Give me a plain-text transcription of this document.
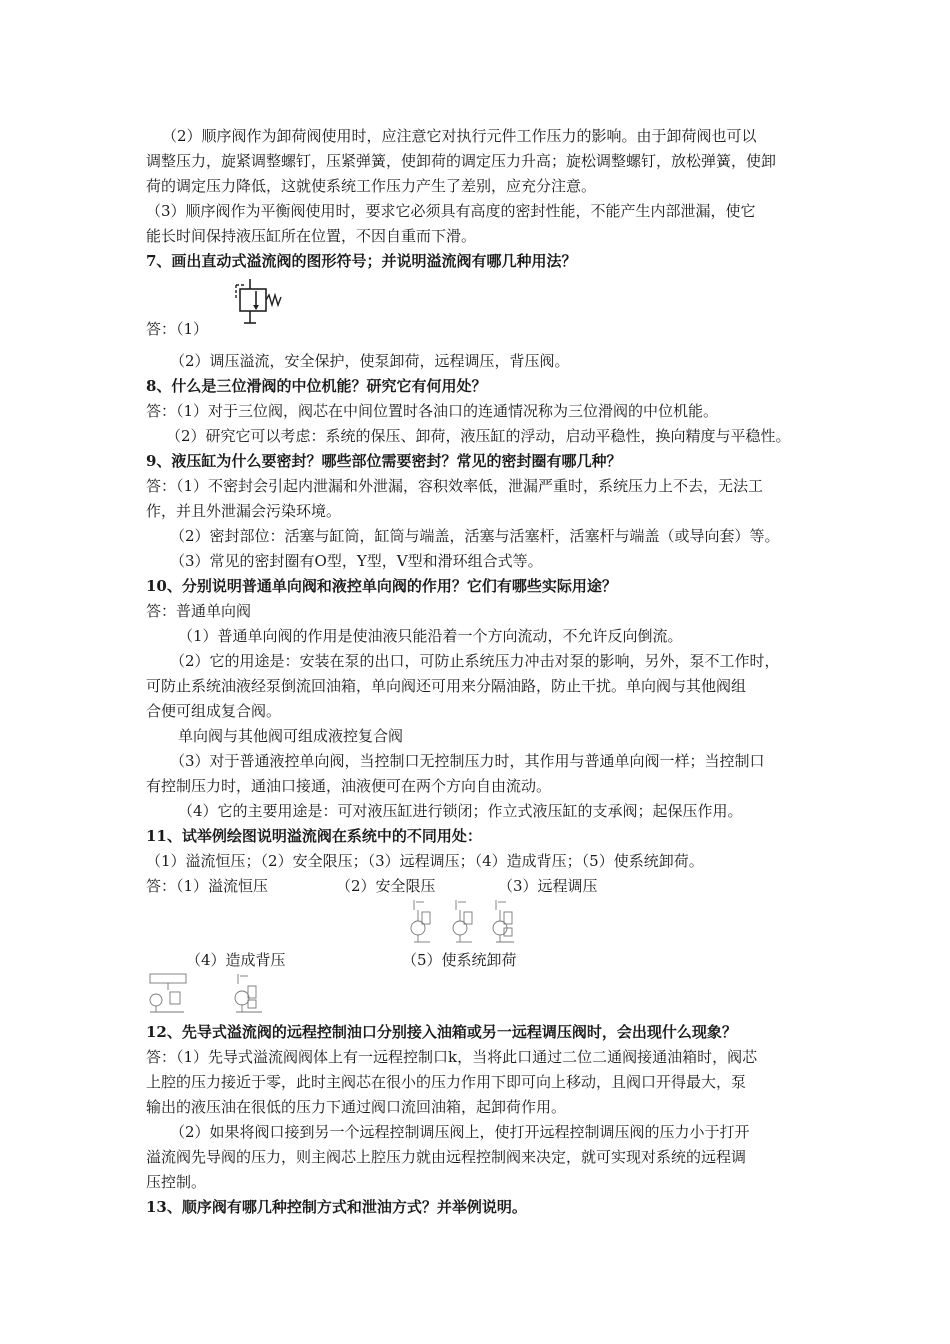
（2）顺序阀作为卸荷阀使用时，应注意它对执行元件工作压力的影响。由于卸荷阀也可以
调整压力，旋紧调整螺钉，压紧弹簧，使卸荷的调定压力升高；旋松调整螺钉，放松弹簧，使卸
荷的调定压力降低，这就使系统工作压力产生了差别，应充分注意。
（3）顺序阀作为平衡阀使用时，要求它必须具有高度的密封性能，不能产生内部泄漏，使它
能长时间保持液压缸所在位置，不因自重而下滑。
7、画出直动式溢流阀的图形符号；并说明溢流阀有哪几种用法？
答：（1）
（2）调压溢流，安全保护，使泵卸荷，远程调压，背压阀。
8、什么是三位滑阀的中位机能？研究它有何用处？
答：（1）对于三位阀，阀芯在中间位置时各油口的连通情况称为三位滑阀的中位机能。
（2）研究它可以考虑：系统的保压、卸荷，液压缸的浮动，启动平稳性，换向精度与平稳性。
9、液压缸为什么要密封？哪些部位需要密封？常见的密封圈有哪几种？
答：（1）不密封会引起内泄漏和外泄漏，容积效率低，泄漏严重时，系统压力上不去，无法工
作，并且外泄漏会污染环境。
（2）密封部位：活塞与缸筒，缸筒与端盖，活塞与活塞杆，活塞杆与端盖（或导向套）等。
（3）常见的密封圈有O型，Y型，V型和滑环组合式等。
10、分别说明普通单向阀和液控单向阀的作用？它们有哪些实际用途？
答：普通单向阀
（1）普通单向阀的作用是使油液只能沿着一个方向流动，不允许反向倒流。
（2）它的用途是：安装在泵的出口，可防止系统压力冲击对泵的影响，另外，泵不工作时，
可防止系统油液经泵倒流回油箱，单向阀还可用来分隔油路，防止干扰。单向阀与其他阀组
合便可组成复合阀。
单向阀与其他阀可组成液控复合阀
（3）对于普通液控单向阀，当控制口无控制压力时，其作用与普通单向阀一样；当控制口
有控制压力时，通油口接通，油液便可在两个方向自由流动。
（4）它的主要用途是：可对液压缸进行锁闭；作立式液压缸的支承阀；起保压作用。
11、试举例绘图说明溢流阀在系统中的不同用处：
（1）溢流恒压；（2）安全限压；（3）远程调压；（4）造成背压；（5）使系统卸荷。
答：（1）溢流恒压	（2）安全限压	（3）远程调压
（4）造成背压	（5）使系统卸荷
12、先导式溢流阀的远程控制油口分别接入油箱或另一远程调压阀时，会出现什么现象？
答：（1）先导式溢流阀阀体上有一远程控制口k，当将此口通过二位二通阀接通油箱时，阀芯
上腔的压力接近于零，此时主阀芯在很小的压力作用下即可向上移动，且阀口开得最大，泵
输出的液压油在很低的压力下通过阀口流回油箱，起卸荷作用。
（2）如果将阀口接到另一个远程控制调压阀上，使打开远程控制调压阀的压力小于打开
溢流阀先导阀的压力，则主阀芯上腔压力就由远程控制阀来决定，就可实现对系统的远程调
压控制。
13、顺序阀有哪几种控制方式和泄油方式？并举例说明。
